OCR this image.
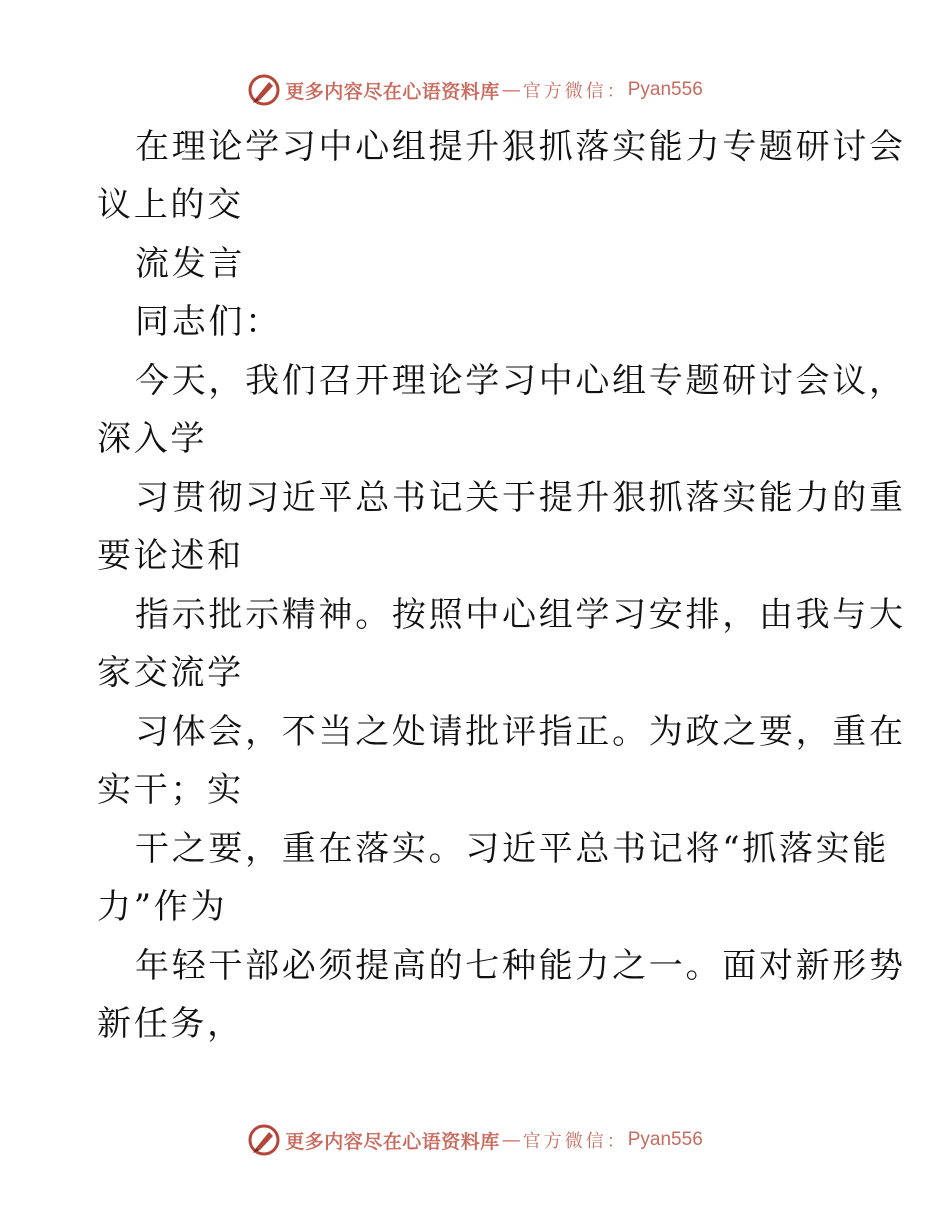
更多内容尽在心语资料库 — 官方微信： Pyan556
在理论学习中心组提升狠抓落实能力专题研讨会
议上的交
流发言
同志们：
今天，我们召开理论学习中心组专题研讨会议，
深入学
习贯彻习近平总书记关于提升狠抓落实能力的重
要论述和
指示批示精神。按照中心组学习安排，由我与大
家交流学
习体会，不当之处请批评指正。为政之要，重在
实干；实
干之要，重在落实。习近平总书记将“抓落实能
力”作为
年轻干部必须提高的七种能力之一。面对新形势
新任务，
更多内容尽在心语资料库 — 官方微信： Pyan556
